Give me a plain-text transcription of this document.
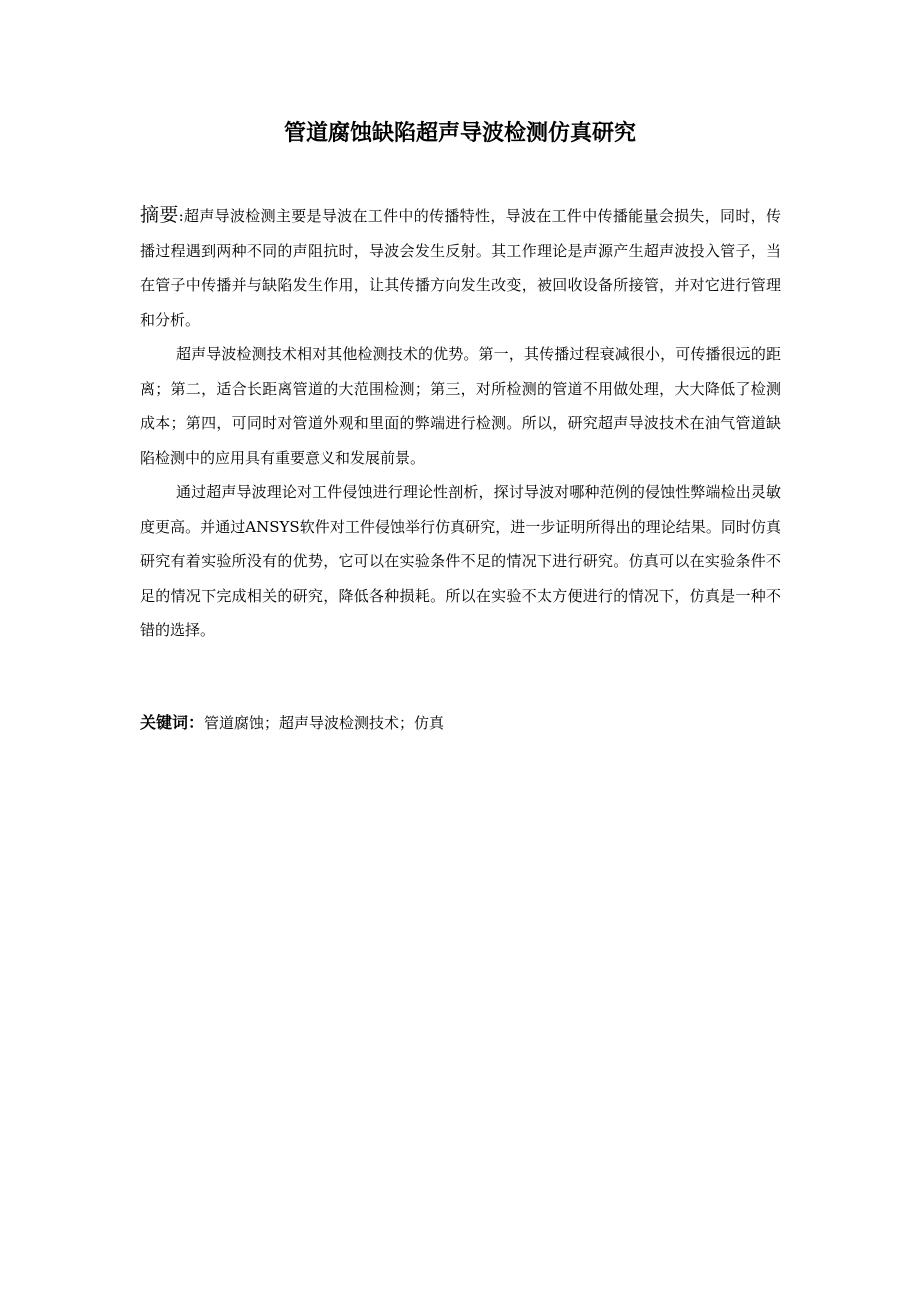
管道腐蚀缺陷超声导波检测仿真研究

摘要:超声导波检测主要是导波在工件中的传播特性，导波在工件中传播能量会损失，同时，传播过程遇到两种不同的声阻抗时，导波会发生反射。其工作理论是声源产生超声波投入管子，当在管子中传播并与缺陷发生作用，让其传播方向发生改变，被回收设备所接管，并对它进行管理和分析。

超声导波检测技术相对其他检测技术的优势。第一，其传播过程衰减很小，可传播很远的距离；第二，适合长距离管道的大范围检测；第三，对所检测的管道不用做处理，大大降低了检测成本；第四，可同时对管道外观和里面的弊端进行检测。所以，研究超声导波技术在油气管道缺陷检测中的应用具有重要意义和发展前景。

通过超声导波理论对工件侵蚀进行理论性剖析，探讨导波对哪种范例的侵蚀性弊端检出灵敏度更高。并通过ANSYS软件对工件侵蚀举行仿真研究，进一步证明所得出的理论结果。同时仿真研究有着实验所没有的优势，它可以在实验条件不足的情况下进行研究。仿真可以在实验条件不足的情况下完成相关的研究，降低各种损耗。所以在实验不太方便进行的情况下，仿真是一种不错的选择。

关键词：管道腐蚀；超声导波检测技术；仿真
